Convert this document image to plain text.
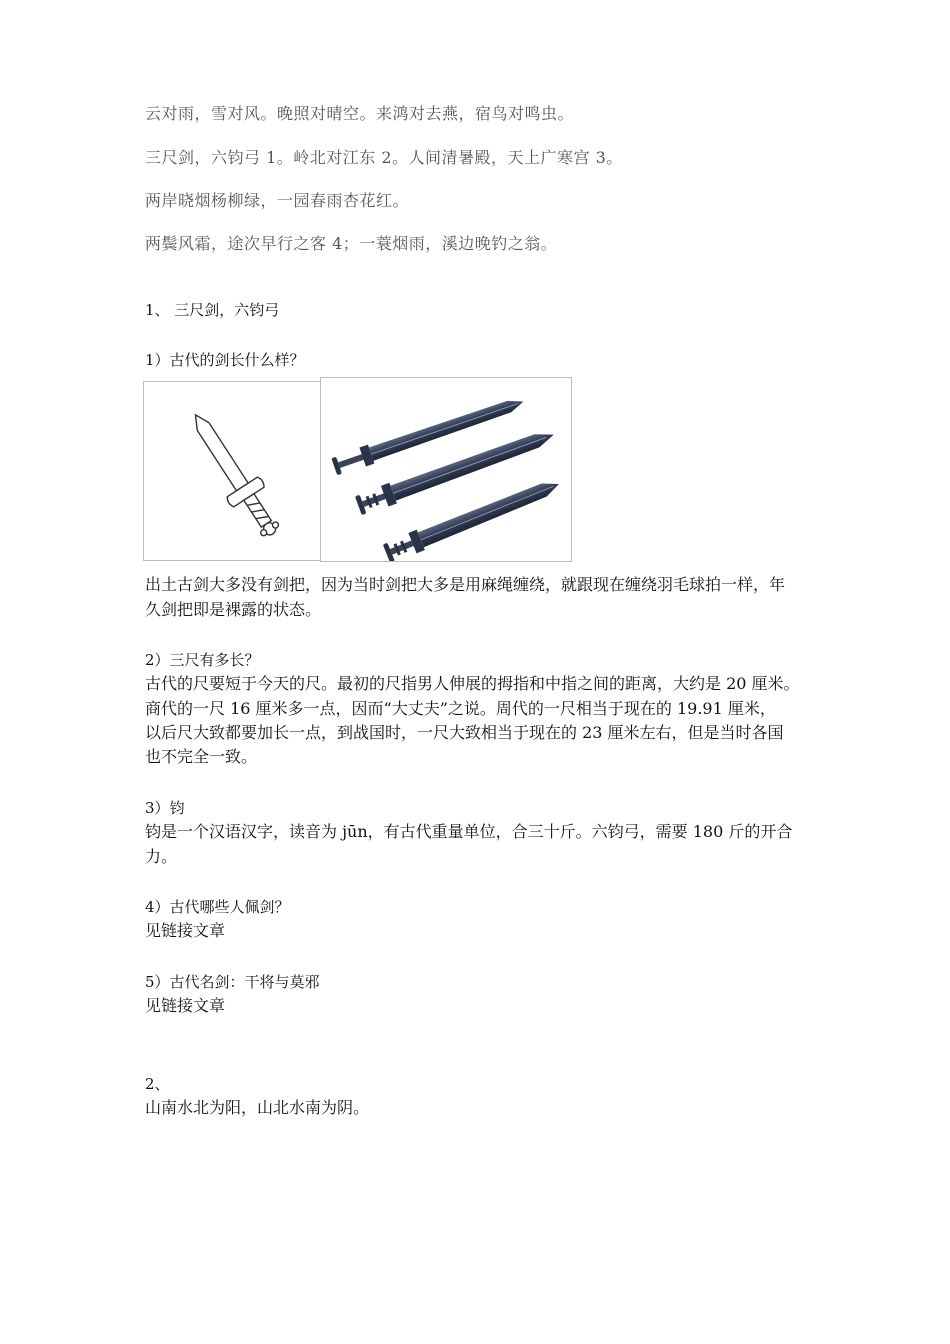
云对雨，雪对风。晚照对晴空。来鸿对去燕，宿鸟对鸣虫。
三尺剑，六钧弓 1。岭北对江东 2。人间清暑殿，天上广寒宫 3。
两岸晓烟杨柳绿，一园春雨杏花红。
两鬓风霜，途次早行之客 4；一蓑烟雨，溪边晚钓之翁。
1、 三尺剑，六钧弓
1）古代的剑长什么样？
出土古剑大多没有剑把，因为当时剑把大多是用麻绳缠绕，就跟现在缠绕羽毛球拍一样，年
久剑把即是裸露的状态。
2）三尺有多长？
古代的尺要短于今天的尺。最初的尺指男人伸展的拇指和中指之间的距离，大约是 20 厘米。
商代的一尺 16 厘米多一点，因而“大丈夫”之说。周代的一尺相当于现在的 19.91 厘米，
以后尺大致都要加长一点，到战国时，一尺大致相当于现在的 23 厘米左右，但是当时各国
也不完全一致。
3）钧
钧是一个汉语汉字，读音为 jūn，有古代重量单位，合三十斤。六钧弓，需要 180 斤的开合
力。
4）古代哪些人佩剑？
见链接文章
5）古代名剑：干将与莫邪
见链接文章
2、
山南水北为阳，山北水南为阴。
